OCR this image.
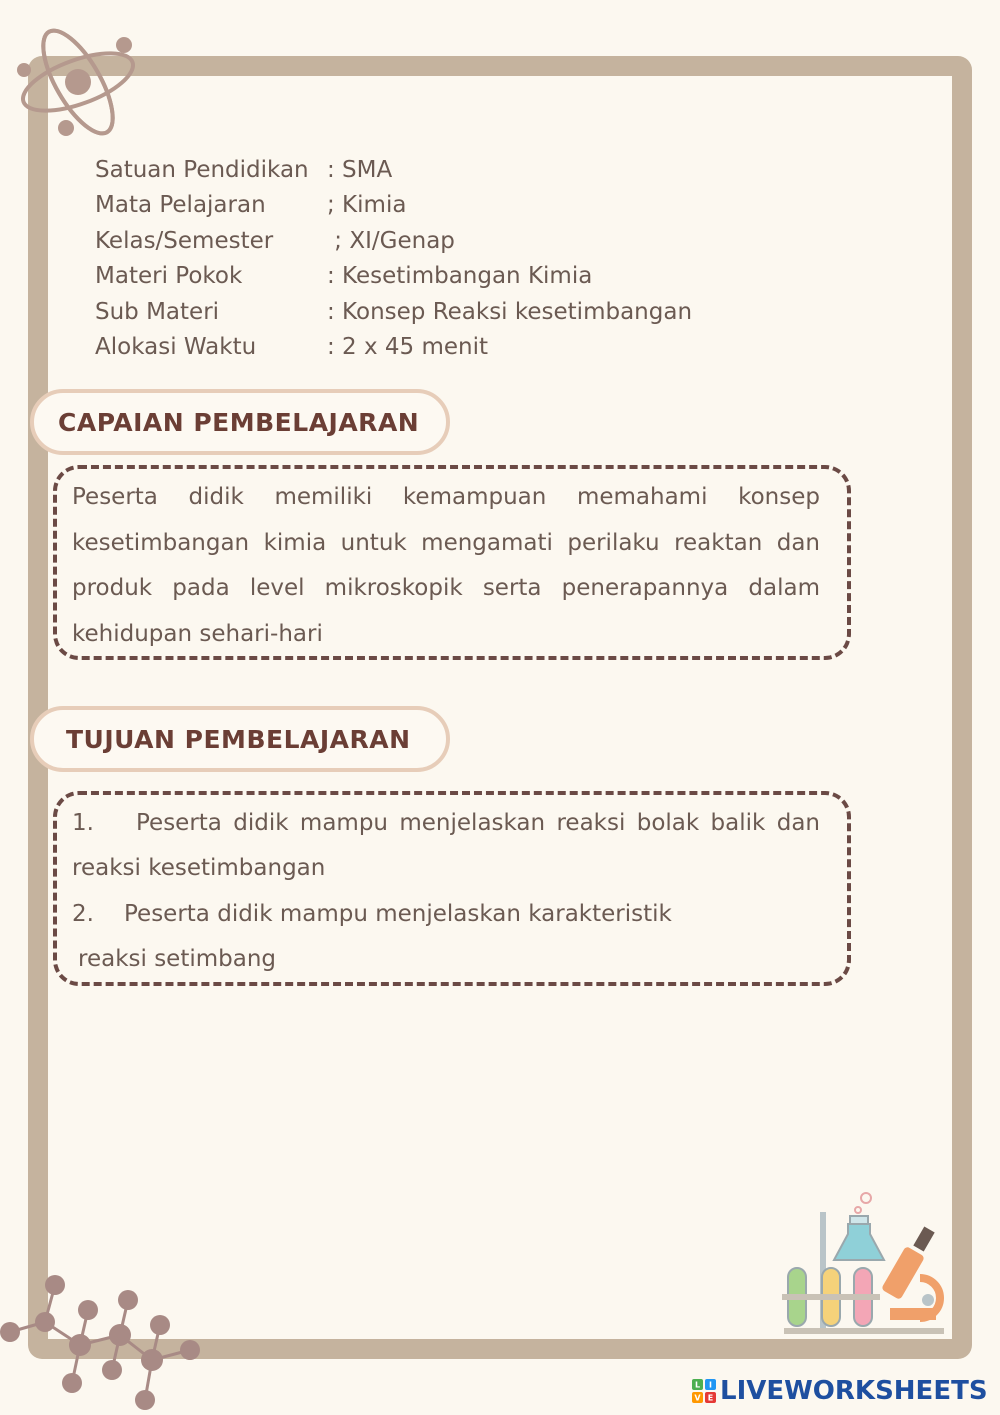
Satuan Pendidikan : SMA
Mata Pelajaran	; Kimia
Kelas/Semester	; XI/Genap
Materi Pokok	: Kesetimbangan Kimia
Sub Materi	: Konsep Reaksi kesetimbangan
Alokasi Waktu	: 2 x 45 menit
CAPAIAN PEMBELAJARAN
Peserta didik memiliki kemampuan memahami konsep
kesetimbangan kimia untuk mengamati perilaku reaktan dan
produk pada level mikroskopik serta penerapannya dalam
kehidupan sehari-hari
TUJUAN PEMBELAJARAN
1.	Peserta didik mampu menjelaskan reaksi bolak balik dan
reaksi kesetimbangan
2.	Peserta didik mampu menjelaskan karakteristik
reaksi setimbang
L I
V E LIVEWORKSHEETS
